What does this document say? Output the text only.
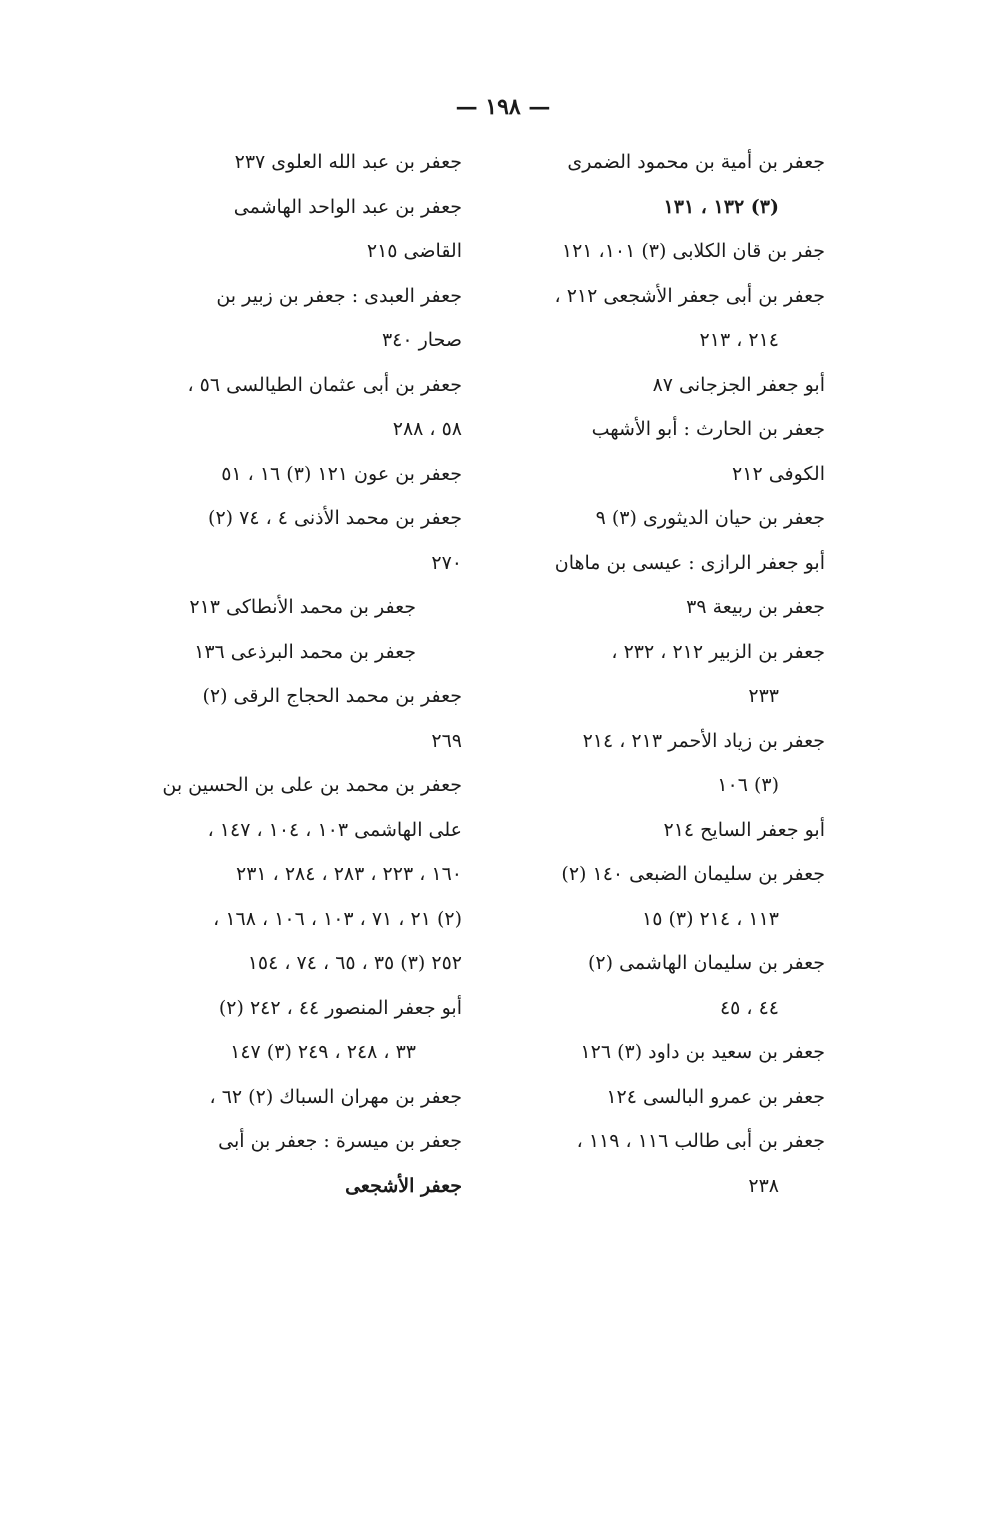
— ١٩٨ —
جعفر بن أمية بن محمود الضمرى
(٣) ١٣٢ ، ١٣١
جفر بن قان الكلابى (٣) ١٠١، ١٢١
جعفر بن أبى جعفر الأشجعى ٢١٢ ،
٢١٤ ، ٢١٣
أبو جعفر الجزجانى ٨٧
جعفر بن الحارث : أبو الأشهب
الكوفى ٢١٢
جعفر بن حيان الديثورى (٣) ٩
أبو جعفر الرازى : عيسى بن ماهان
جعفر بن ربيعة ٣٩
جعفر بن الزبير ٢١٢ ، ٢٣٢ ،
٢٣٣
جعفر بن زياد الأحمر ٢١٣ ، ٢١٤
(٣) ١٠٦
أبو جعفر السايح ٢١٤
جعفر بن سليمان الضبعى ١٤٠ (٢)
١١٣ ، ٢١٤ (٣) ١٥
جعفر بن سليمان الهاشمى (٢)
٤٤ ، ٤٥
جعفر بن سعيد بن داود (٣) ١٢٦
جعفر بن عمرو البالسى ١٢٤
جعفر بن أبى طالب ١١٦ ، ١١٩ ،
٢٣٨
جعفر بن عبد الله العلوى ٢٣٧
جعفر بن عبد الواحد الهاشمى
القاضى ٢١٥
جعفر العبدى : جعفر بن زبير بن
صحار ٣٤٠
جعفر بن أبى عثمان الطيالسى ٥٦ ،
٥٨ ، ٢٨٨
جعفر بن عون ١٢١ (٣) ١٦ ، ٥١
جعفر بن محمد الأذنى ٤ ، ٧٤ (٢)
٢٧٠
جعفر بن محمد الأنطاكى ٢١٣
جعفر بن محمد البرذعى ١٣٦
جعفر بن محمد الحجاج الرقى (٢)
٢٦٩
جعفر بن محمد بن على بن الحسين بن
على الهاشمى ١٠٣ ، ١٠٤ ، ١٤٧ ،
١٦٠ ، ٢٢٣ ، ٢٨٣ ، ٢٨٤ ، ٢٣١
(٢) ٢١ ، ٧١ ، ١٠٣ ، ١٠٦ ، ١٦٨ ،
٢٥٢ (٣) ٣٥ ، ٦٥ ، ٧٤ ، ١٥٤
أبو جعفر المنصور ٤٤ ، ٢٤٢ (٢)
٣٣ ، ٢٤٨ ، ٢٤٩ (٣) ١٤٧
جعفر بن مهران السباك (٢) ٦٢ ،
جعفر بن ميسرة : جعفر بن أبى
جعفر الأشجعى
